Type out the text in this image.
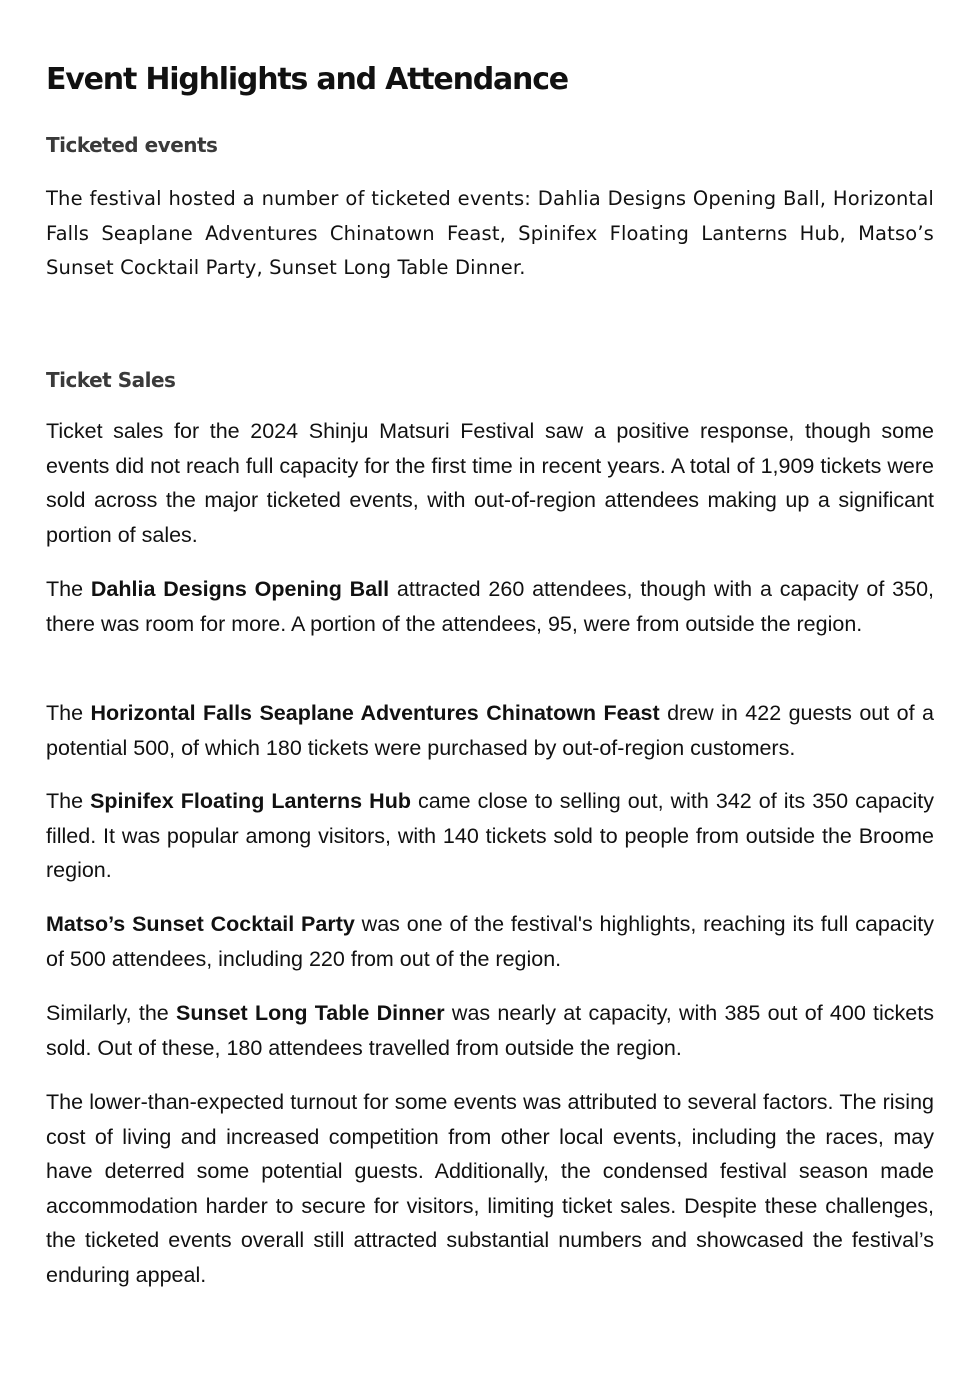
Event Highlights and Attendance
Ticketed events

The festival hosted a number of ticketed events: Dahlia Designs Opening Ball, Horizontal Falls Seaplane Adventures Chinatown Feast, Spinifex Floating Lanterns Hub, Matso’s Sunset Cocktail Party, Sunset Long Table Dinner.

Ticket Sales

Ticket sales for the 2024 Shinju Matsuri Festival saw a positive response, though some events did not reach full capacity for the first time in recent years. A total of 1,909 tickets were sold across the major ticketed events, with out-of-region attendees making up a significant portion of sales.

The Dahlia Designs Opening Ball attracted 260 attendees, though with a capacity of 350, there was room for more. A portion of the attendees, 95, were from outside the region.

The Horizontal Falls Seaplane Adventures Chinatown Feast drew in 422 guests out of a potential 500, of which 180 tickets were purchased by out-of-region customers.

The Spinifex Floating Lanterns Hub came close to selling out, with 342 of its 350 capacity filled. It was popular among visitors, with 140 tickets sold to people from outside the Broome region.

Matso’s Sunset Cocktail Party was one of the festival's highlights, reaching its full capacity of 500 attendees, including 220 from out of the region.

Similarly, the Sunset Long Table Dinner was nearly at capacity, with 385 out of 400 tickets sold. Out of these, 180 attendees travelled from outside the region.

The lower-than-expected turnout for some events was attributed to several factors. The rising cost of living and increased competition from other local events, including the races, may have deterred some potential guests. Additionally, the condensed festival season made accommodation harder to secure for visitors, limiting ticket sales. Despite these challenges, the ticketed events overall still attracted substantial numbers and showcased the festival’s enduring appeal.
